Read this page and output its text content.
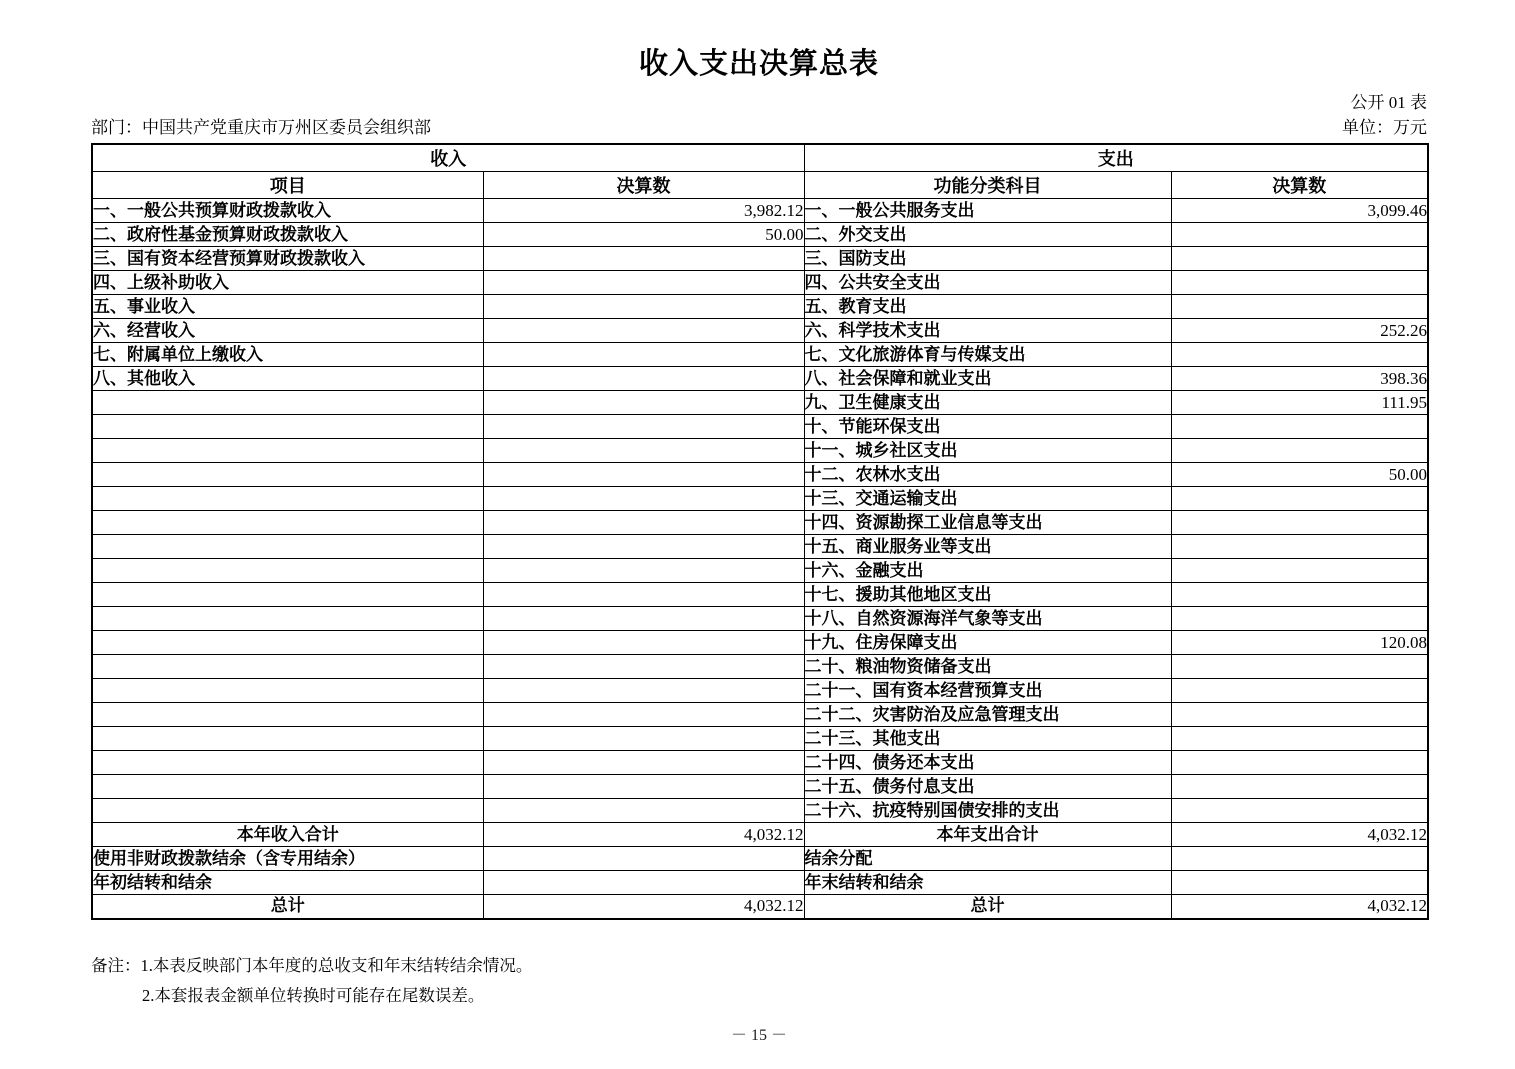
收入支出决算总表
公开 01 表
部门：中国共产党重庆市万州区委员会组织部	单位：万元
收入		支出	
项目	决算数	功能分类科目	决算数
一、一般公共预算财政拨款收入	3,982.12	一、一般公共服务支出	3,099.46
二、政府性基金预算财政拨款收入	50.00	二、外交支出	
三、国有资本经营预算财政拨款收入		三、国防支出	
四、上级补助收入		四、公共安全支出	
五、事业收入		五、教育支出	
六、经营收入		六、科学技术支出	252.26
七、附属单位上缴收入		七、文化旅游体育与传媒支出	
八、其他收入		八、社会保障和就业支出	398.36
		九、卫生健康支出	111.95
		十、节能环保支出	
		十一、城乡社区支出	
		十二、农林水支出	50.00
		十三、交通运输支出	
		十四、资源勘探工业信息等支出	
		十五、商业服务业等支出	
		十六、金融支出	
		十七、援助其他地区支出	
		十八、自然资源海洋气象等支出	
		十九、住房保障支出	120.08
		二十、粮油物资储备支出	
		二十一、国有资本经营预算支出	
		二十二、灾害防治及应急管理支出	
		二十三、其他支出	
		二十四、债务还本支出	
		二十五、债务付息支出	
		二十六、抗疫特别国债安排的支出	
本年收入合计	4,032.12	本年支出合计	4,032.12
使用非财政拨款结余（含专用结余）		结余分配	
年初结转和结余		年末结转和结余	
总计	4,032.12	总计	4,032.12
备注：1.本表反映部门本年度的总收支和年末结转结余情况。
2.本套报表金额单位转换时可能存在尾数误差。
－ 15 －
